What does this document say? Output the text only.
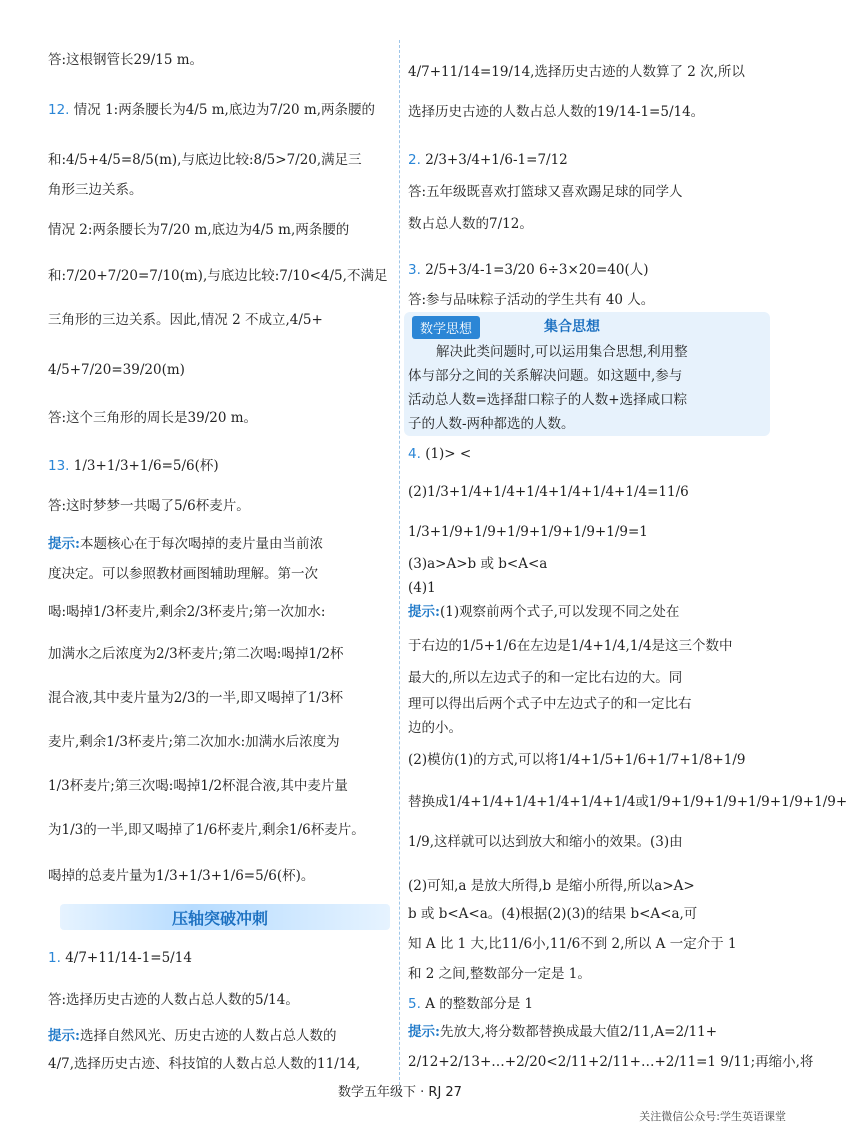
答:这根钢管长29/15 m。
12. 情况 1:两条腰长为4/5 m,底边为7/20 m,两条腰的
和:4/5+4/5=8/5(m),与底边比较:8/5>7/20,满足三
角形三边关系。
情况 2:两条腰长为7/20 m,底边为4/5 m,两条腰的
和:7/20+7/20=7/10(m),与底边比较:7/10<4/5,不满足
三角形的三边关系。因此,情况 2 不成立,4/5+
4/5+7/20=39/20(m)
答:这个三角形的周长是39/20 m。
13. 1/3+1/3+1/6=5/6(杯)
答:这时梦梦一共喝了5/6杯麦片。
提示:本题核心在于每次喝掉的麦片量由当前浓
度决定。可以参照教材画图辅助理解。第一次
喝:喝掉1/3杯麦片,剩余2/3杯麦片;第一次加水:
加满水之后浓度为2/3杯麦片;第二次喝:喝掉1/2杯
混合液,其中麦片量为2/3的一半,即又喝掉了1/3杯
麦片,剩余1/3杯麦片;第二次加水:加满水后浓度为
1/3杯麦片;第三次喝:喝掉1/2杯混合液,其中麦片量
为1/3的一半,即又喝掉了1/6杯麦片,剩余1/6杯麦片。
喝掉的总麦片量为1/3+1/3+1/6=5/6(杯)。
压轴突破冲刺
1. 4/7+11/14-1=5/14
答:选择历史古迹的人数占总人数的5/14。
提示:选择自然风光、历史古迹的人数占总人数的
4/7,选择历史古迹、科技馆的人数占总人数的11/14,
4/7+11/14=19/14,选择历史古迹的人数算了 2 次,所以
选择历史古迹的人数占总人数的19/14-1=5/14。
2. 2/3+3/4+1/6-1=7/12
答:五年级既喜欢打篮球又喜欢踢足球的同学人
数占总人数的7/12。
3. 2/5+3/4-1=3/20 6÷3×20=40(人)
答:参与品味粽子活动的学生共有 40 人。
数学思想	集合思想
解决此类问题时,可以运用集合思想,利用整
体与部分之间的关系解决问题。如这题中,参与
活动总人数=选择甜口粽子的人数+选择咸口粽
子的人数-两种都选的人数。
4. (1)> <
(2)1/3+1/4+1/4+1/4+1/4+1/4+1/4=11/6
1/3+1/9+1/9+1/9+1/9+1/9+1/9=1
(3)a>A>b 或 b<A<a
(4)1
提示:(1)观察前两个式子,可以发现不同之处在
于右边的1/5+1/6在左边是1/4+1/4,1/4是这三个数中
最大的,所以左边式子的和一定比右边的大。同
理可以得出后两个式子中左边式子的和一定比右
边的小。
(2)模仿(1)的方式,可以将1/4+1/5+1/6+1/7+1/8+1/9
替换成1/4+1/4+1/4+1/4+1/4+1/4或1/9+1/9+1/9+1/9+1/9+1/9+
1/9,这样就可以达到放大和缩小的效果。(3)由
(2)可知,a 是放大所得,b 是缩小所得,所以a>A>
b 或 b<A<a。(4)根据(2)(3)的结果 b<A<a,可
知 A 比 1 大,比11/6小,11/6不到 2,所以 A 一定介于 1
和 2 之间,整数部分一定是 1。
5. A 的整数部分是 1
提示:先放大,将分数都替换成最大值2/11,A=2/11+
2/12+2/13+…+2/20<2/11+2/11+…+2/11=1 9/11;再缩小,将
数学五年级下 · RJ 27
关注微信公众号:学生英语课堂
